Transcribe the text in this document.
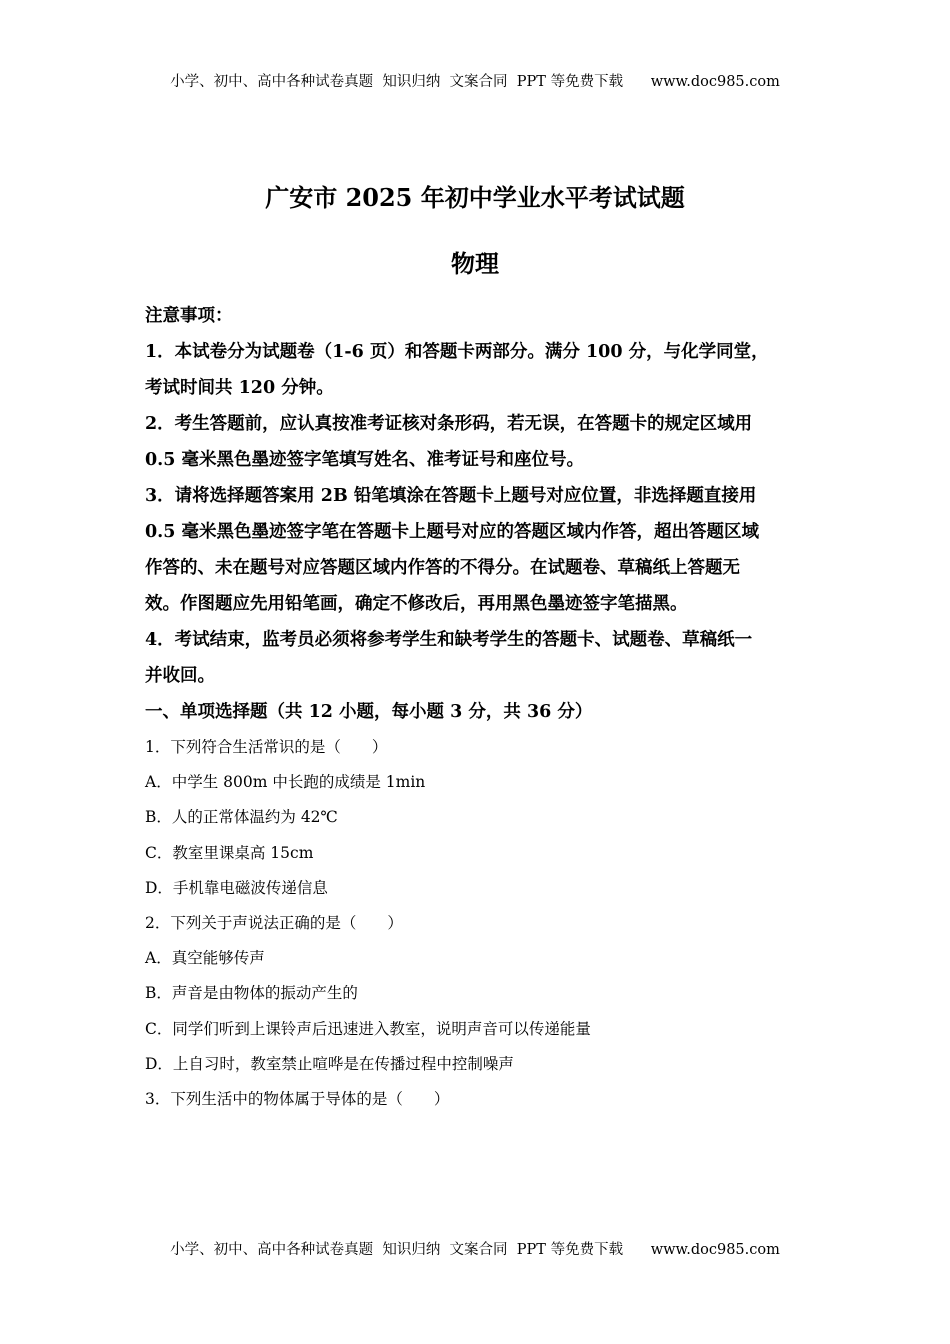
小学、初中、高中各种试卷真题  知识归纳  文案合同  PPT 等免费下载      www.doc985.com
广安市 2025 年初中学业水平考试试题
物理
注意事项：
1．本试卷分为试题卷（1-6 页）和答题卡两部分。满分 100 分，与化学同堂，
考试时间共 120 分钟。
2．考生答题前，应认真按准考证核对条形码，若无误，在答题卡的规定区域用
0.5 毫米黑色墨迹签字笔填写姓名、准考证号和座位号。
3．请将选择题答案用 2B 铅笔填涂在答题卡上题号对应位置，非选择题直接用
0.5 毫米黑色墨迹签字笔在答题卡上题号对应的答题区域内作答，超出答题区域
作答的、未在题号对应答题区域内作答的不得分。在试题卷、草稿纸上答题无
效。作图题应先用铅笔画，确定不修改后，再用黑色墨迹签字笔描黑。
4．考试结束，监考员必须将参考学生和缺考学生的答题卡、试题卷、草稿纸一
并收回。
一、单项选择题（共 12 小题，每小题 3 分，共 36 分）
1．下列符合生活常识的是（　　）
A．中学生 800m 中长跑的成绩是 1min
B．人的正常体温约为 42℃
C．教室里课桌高 15cm
D．手机靠电磁波传递信息
2．下列关于声说法正确的是（　　）
A．真空能够传声
B．声音是由物体的振动产生的
C．同学们听到上课铃声后迅速进入教室，说明声音可以传递能量
D．上自习时，教室禁止喧哗是在传播过程中控制噪声
3．下列生活中的物体属于导体的是（　　）
小学、初中、高中各种试卷真题  知识归纳  文案合同  PPT 等免费下载      www.doc985.com
